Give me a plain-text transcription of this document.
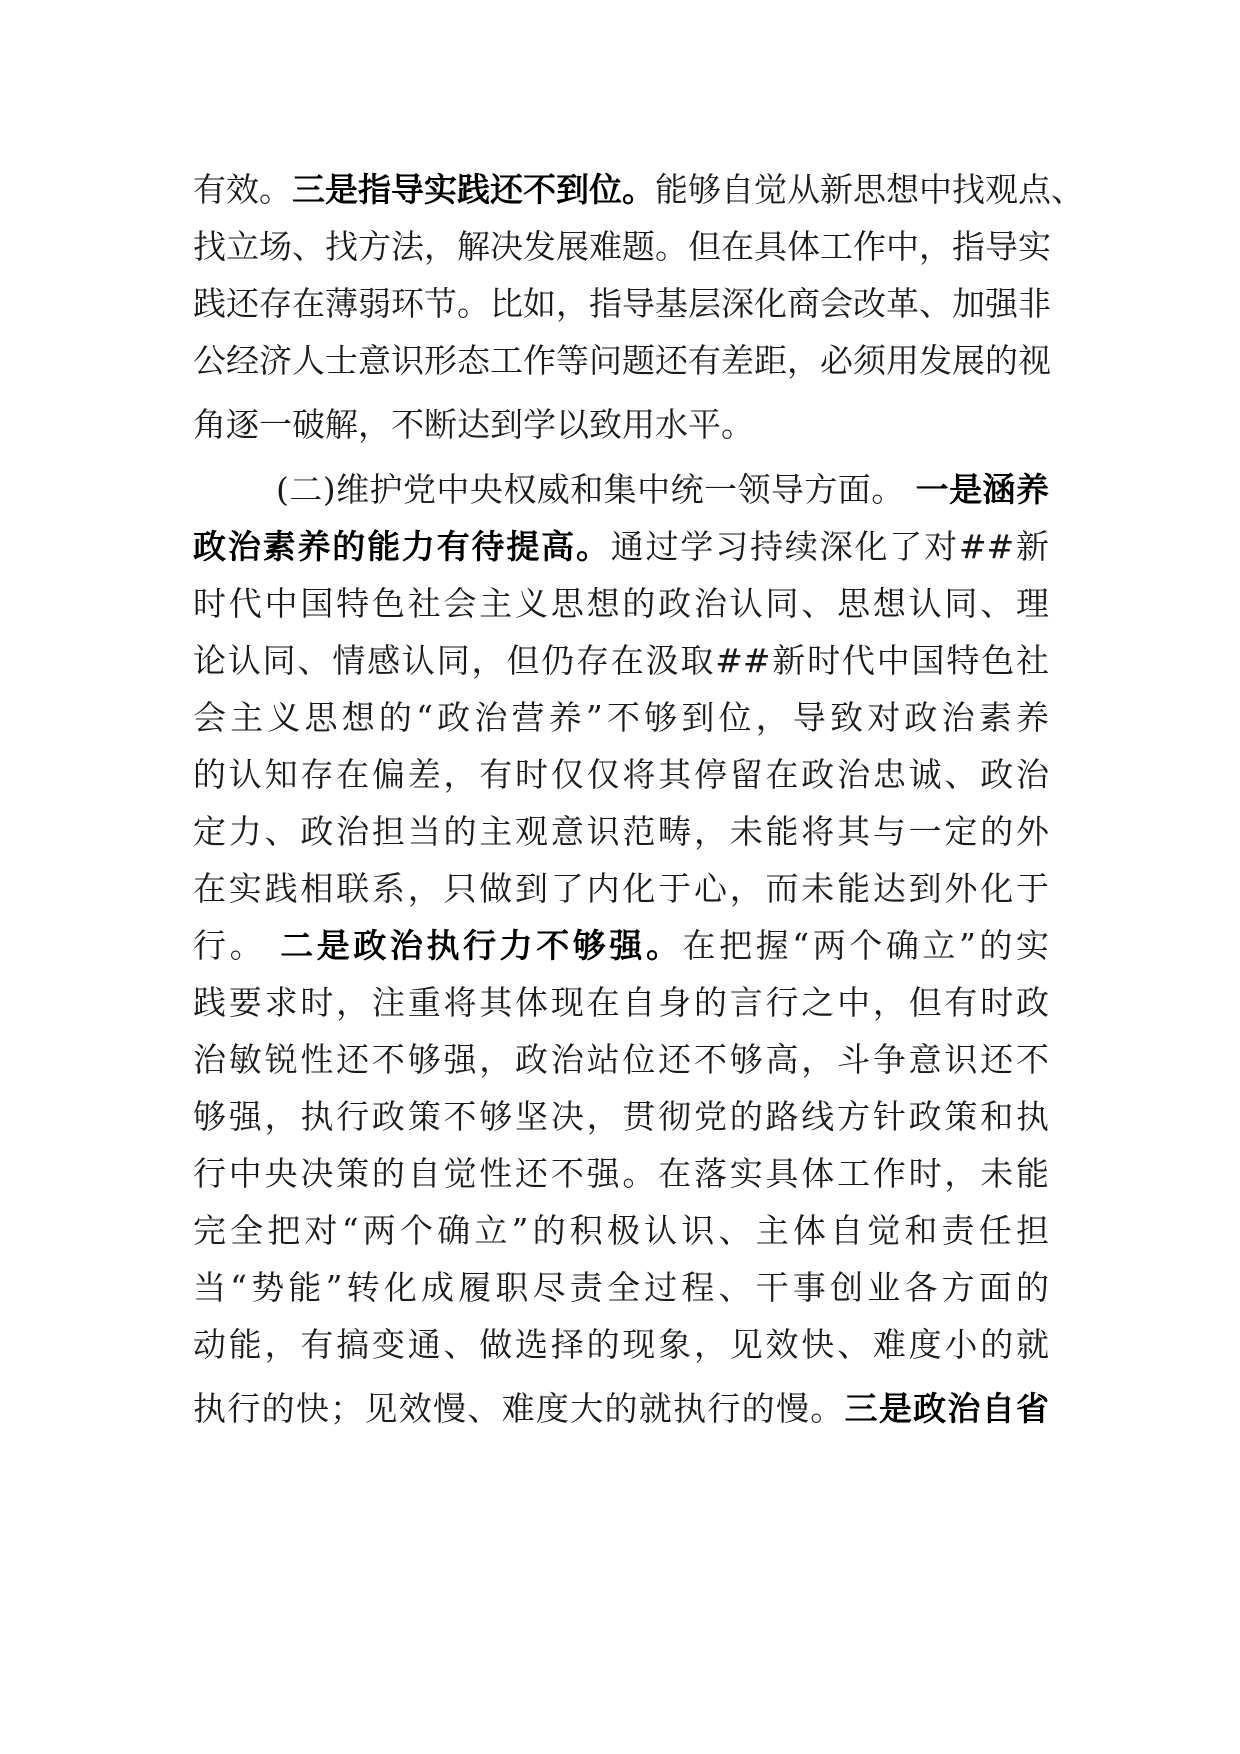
有效。三是指导实践还不到位。能够自觉从新思想中找观点、
找立场、找方法，解决发展难题。但在具体工作中，指导实
践还存在薄弱环节。比如，指导基层深化商会改革、加强非
公经济人士意识形态工作等问题还有差距，必须用发展的视
角逐一破解，不断达到学以致用水平。
(二)维护党中央权威和集中统一领导方面。 一是涵养
政治素养的能力有待提高。通过学习持续深化了对##新
时代中国特色社会主义思想的政治认同、思想认同、理
论认同、情感认同，但仍存在汲取##新时代中国特色社
会主义思想的“政治营养”不够到位，导致对政治素养
的认知存在偏差，有时仅仅将其停留在政治忠诚、政治
定力、政治担当的主观意识范畴，未能将其与一定的外
在实践相联系，只做到了内化于心，而未能达到外化于
行。 二是政治执行力不够强。在把握“两个确立”的实
践要求时，注重将其体现在自身的言行之中，但有时政
治敏锐性还不够强，政治站位还不够高，斗争意识还不
够强，执行政策不够坚决，贯彻党的路线方针政策和执
行中央决策的自觉性还不强。在落实具体工作时，未能
完全把对“两个确立”的积极认识、主体自觉和责任担
当“势能”转化成履职尽责全过程、干事创业各方面的
动能，有搞变通、做选择的现象，见效快、难度小的就
执行的快；见效慢、难度大的就执行的慢。三是政治自省
